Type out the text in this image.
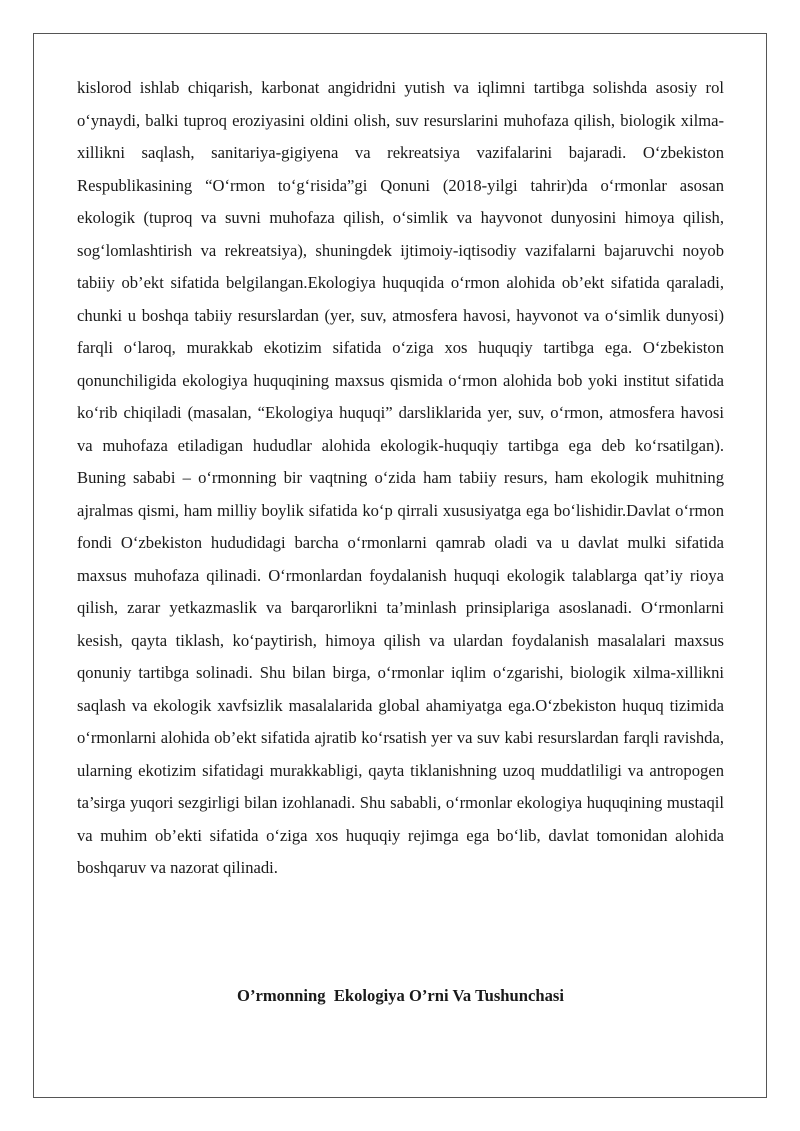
kislorod ishlab chiqarish, karbonat angidridni yutish va iqlimni tartibga solishda asosiy rol o‘ynaydi, balki tuproq eroziyasini oldini olish, suv resurslarini muhofaza qilish, biologik xilma-xillikni saqlash, sanitariya-gigiyena va rekreatsiya vazifalarini bajaradi. O‘zbekiston Respublikasining “O‘rmon to‘g‘risida”gi Qonuni (2018-yilgi tahrir)da o‘rmonlar asosan ekologik (tuproq va suvni muhofaza qilish, o‘simlik va hayvonot dunyosini himoya qilish, sog‘lomlashtirish va rekreatsiya), shuningdek ijtimoiy-iqtisodiy vazifalarni bajaruvchi noyob tabiiy ob’ekt sifatida belgilangan.Ekologiya huquqida o‘rmon alohida ob’ekt sifatida qaraladi, chunki u boshqa tabiiy resurslardan (yer, suv, atmosfera havosi, hayvonot va o‘simlik dunyosi) farqli o‘laroq, murakkab ekotizim sifatida o‘ziga xos huquqiy tartibga ega. O‘zbekiston qonunchiligida ekologiya huquqining maxsus qismida o‘rmon alohida bob yoki institut sifatida ko‘rib chiqiladi (masalan, “Ekologiya huquqi” darsliklarida yer, suv, o‘rmon, atmosfera havosi va muhofaza etiladigan hududlar alohida ekologik-huquqiy tartibga ega deb ko‘rsatilgan). Buning sababi – o‘rmonning bir vaqtning o‘zida ham tabiiy resurs, ham ekologik muhitning ajralmas qismi, ham milliy boylik sifatida ko‘p qirrali xususiyatga ega bo‘lishidir.Davlat o‘rmon fondi O‘zbekiston hududidagi barcha o‘rmonlarni qamrab oladi va u davlat mulki sifatida maxsus muhofaza qilinadi. O‘rmonlardan foydalanish huquqi ekologik talablarga qat’iy rioya qilish, zarar yetkazmaslik va barqarorlikni ta’minlash prinsiplariga asoslanadi. O‘rmonlarni kesish, qayta tiklash, ko‘paytirish, himoya qilish va ulardan foydalanish masalalari maxsus qonuniy tartibga solinadi. Shu bilan birga, o‘rmonlar iqlim o‘zgarishi, biologik xilma-xillikni saqlash va ekologik xavfsizlik masalalarida global ahamiyatga ega.O‘zbekiston huquq tizimida o‘rmonlarni alohida ob’ekt sifatida ajratib ko‘rsatish yer va suv kabi resurslardan farqli ravishda, ularning ekotizim sifatidagi murakkabligi, qayta tiklanishning uzoq muddatliligi va antropogen ta’sirga yuqori sezgirligi bilan izohlanadi. Shu sababli, o‘rmonlar ekologiya huquqining mustaqil va muhim ob’ekti sifatida o‘ziga xos huquqiy rejimga ega bo‘lib, davlat tomonidan alohida boshqaruv va nazorat qilinadi.

O’rmonning  Ekologiya O’rni Va Tushunchasi
